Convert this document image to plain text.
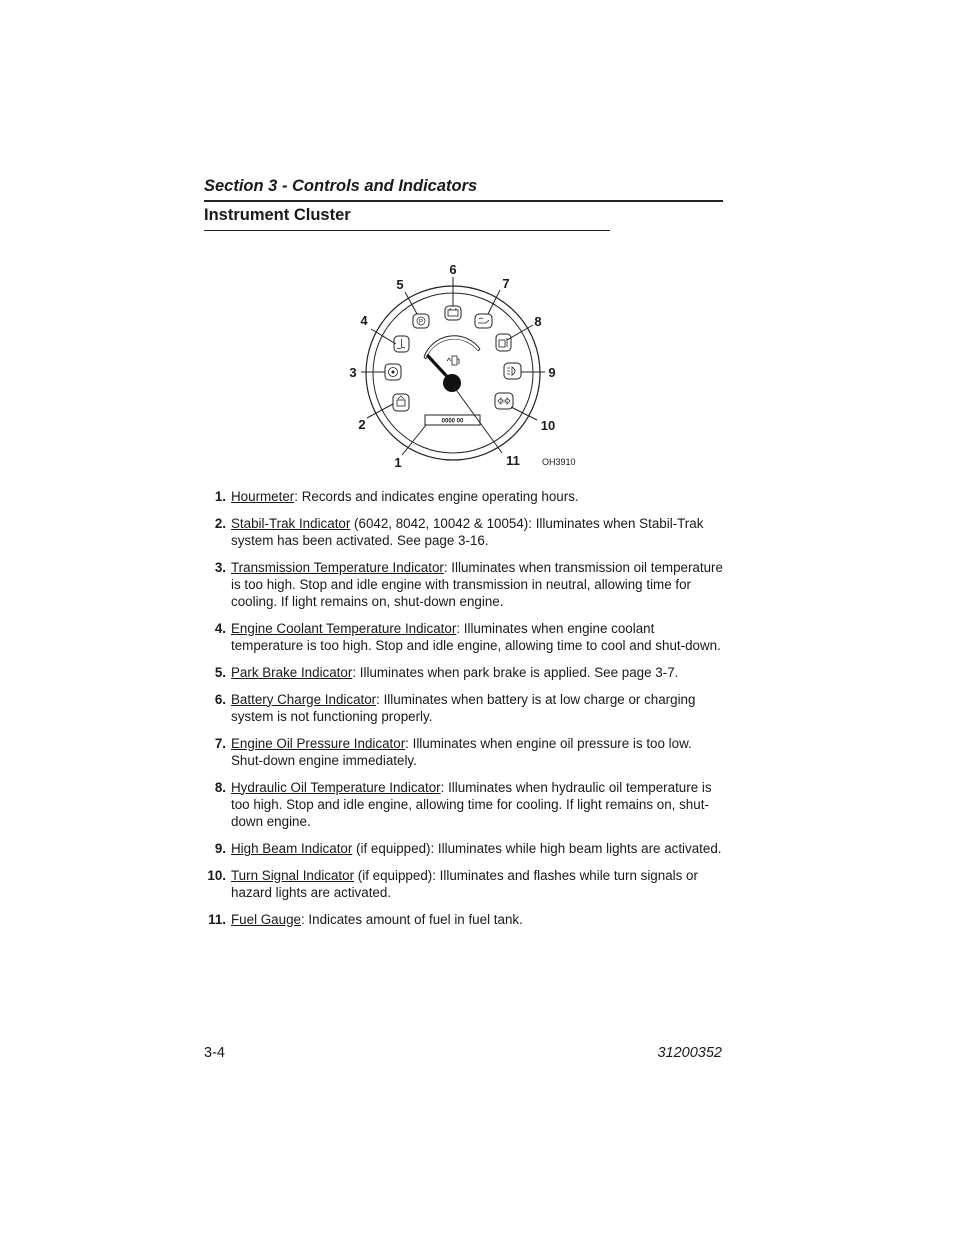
Section 3 - Controls and Indicators
Instrument Cluster
0000 00
P
1
2
3
4
5
6
7
8
9
10
11 OH3910
1. Hourmeter: Records and indicates engine operating hours.
2. Stabil-Trak Indicator (6042, 8042, 10042 & 10054): Illuminates when Stabil-Trak system has been activated. See page 3-16.
3. Transmission Temperature Indicator: Illuminates when transmission oil temperature is too high. Stop and idle engine with transmission in neutral, allowing time for cooling. If light remains on, shut-down engine.
4. Engine Coolant Temperature Indicator: Illuminates when engine coolant temperature is too high. Stop and idle engine, allowing time to cool and shut-down.
5. Park Brake Indicator: Illuminates when park brake is applied. See page 3-7.
6. Battery Charge Indicator: Illuminates when battery is at low charge or charging system is not functioning properly.
7. Engine Oil Pressure Indicator: Illuminates when engine oil pressure is too low. Shut-down engine immediately.
8. Hydraulic Oil Temperature Indicator: Illuminates when hydraulic oil temperature is too high. Stop and idle engine, allowing time for cooling. If light remains on, shut-down engine.
9. High Beam Indicator (if equipped): Illuminates while high beam lights are activated.
10. Turn Signal Indicator (if equipped): Illuminates and flashes while turn signals or hazard lights are activated.
11. Fuel Gauge: Indicates amount of fuel in fuel tank.
3-4	31200352
